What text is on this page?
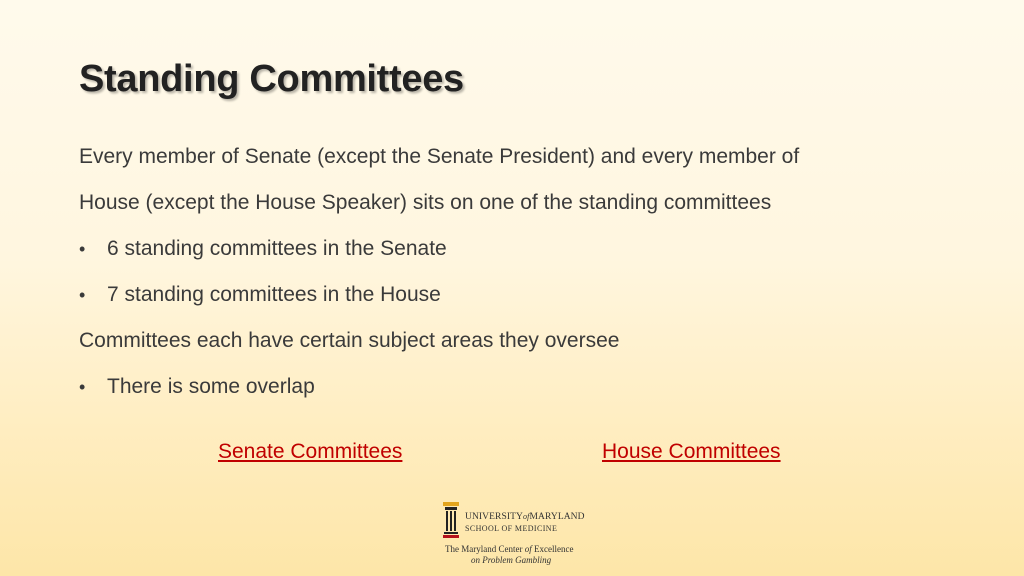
Standing Committees
Every member of Senate (except the Senate President) and every member of
House (except the House Speaker) sits on one of the standing committees
•	6 standing committees in the Senate
•	7 standing committees in the House
Committees each have certain subject areas they oversee
•	There is some overlap
Senate Committees	House Committees
UNIVERSITYofMARYLAND
SCHOOL OF MEDICINE
The Maryland Center of Excellence
on Problem Gambling
